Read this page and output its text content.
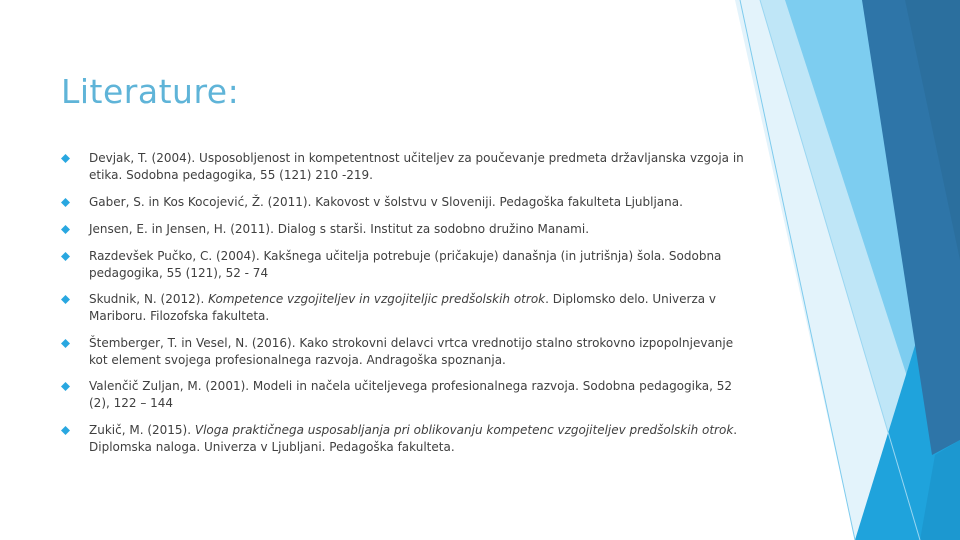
Literature:
Devjak, T. (2004). Usposobljenost in kompetentnost učiteljev za poučevanje predmeta državljanska vzgoja in etika. Sodobna pedagogika, 55 (121) 210 -219.
Gaber, S. in Kos Kocojević, Ž. (2011). Kakovost v šolstvu v Sloveniji. Pedagoška fakulteta Ljubljana.
Jensen, E. in Jensen, H. (2011). Dialog s starši. Institut za sodobno družino Manami.
Razdevšek Pučko, C. (2004). Kakšnega učitelja potrebuje (pričakuje) današnja (in jutrišnja) šola. Sodobna pedagogika, 55 (121), 52 - 74
Skudnik, N. (2012). Kompetence vzgojiteljev in vzgojiteljic predšolskih otrok. Diplomsko delo. Univerza v Mariboru. Filozofska fakulteta.
Štemberger, T. in Vesel, N. (2016). Kako strokovni delavci vrtca vrednotijo stalno strokovno izpopolnjevanje kot element svojega profesionalnega razvoja. Andragoška spoznanja.
Valenčič Zuljan, M. (2001). Modeli in načela učiteljevega profesionalnega razvoja. Sodobna pedagogika, 52 (2), 122 – 144
Zukič, M. (2015). Vloga praktičnega usposabljanja pri oblikovanju kompetenc vzgojiteljev predšolskih otrok. Diplomska naloga. Univerza v Ljubljani. Pedagoška fakulteta.
